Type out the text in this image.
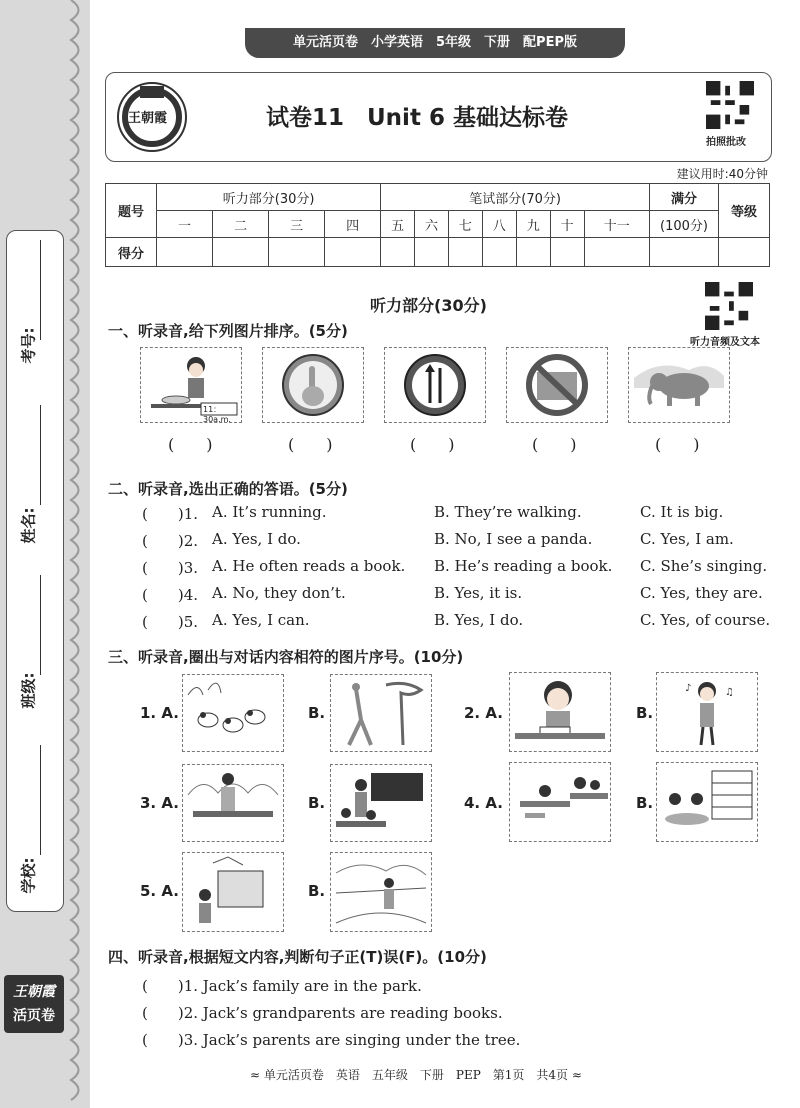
考号:
姓名:
班级:
学校:
王朝霞
活页卷
单元活页卷　小学英语　5年级　下册　配PEP版
王朝霞	试卷11　Unit 6 基础达标卷
拍照批改
建议用时:40分钟
题号	听力部分(30分)				笔试部分(70分)							满分	等级
	一	二	三	四	五	六	七	八	九	十	十一	(100分)	
得分													
听力部分(30分)
听力音频及文本
一、听录音,给下列图片排序。(5分)
11：30a.m.
(　　)	(　　)	(　　)	(　　)	(　　)
二、听录音,选出正确的答语。(5分)
(　　)1. A. It’s running.	B. They’re walking.	C. It is big.
(　　)2. A. Yes, I do.	B. No, I see a panda.	C. Yes, I am.
(　　)3. A. He often reads a book. B. He’s reading a book. C. She’s singing.
(　　)4. A. No, they don’t.	B. Yes, it is.	C. Yes, they are.
(　　)5. A. Yes, I can.	B. Yes, I do.	C. Yes, of course.
三、听录音,圈出与对话内容相符的图片序号。(10分)
1. A.	B.	2. A.	B.
♪	♫
3. A.	B.	4. A.	B.
5. A.	B.
四、听录音,根据短文内容,判断句子正(T)误(F)。(10分)
(　　)1. Jack’s family are in the park.
(　　)2. Jack’s grandparents are reading books.
(　　)3. Jack’s parents are singing under the tree.
≈ 单元活页卷　英语　五年级　下册　PEP　第1页　共4页 ≈
